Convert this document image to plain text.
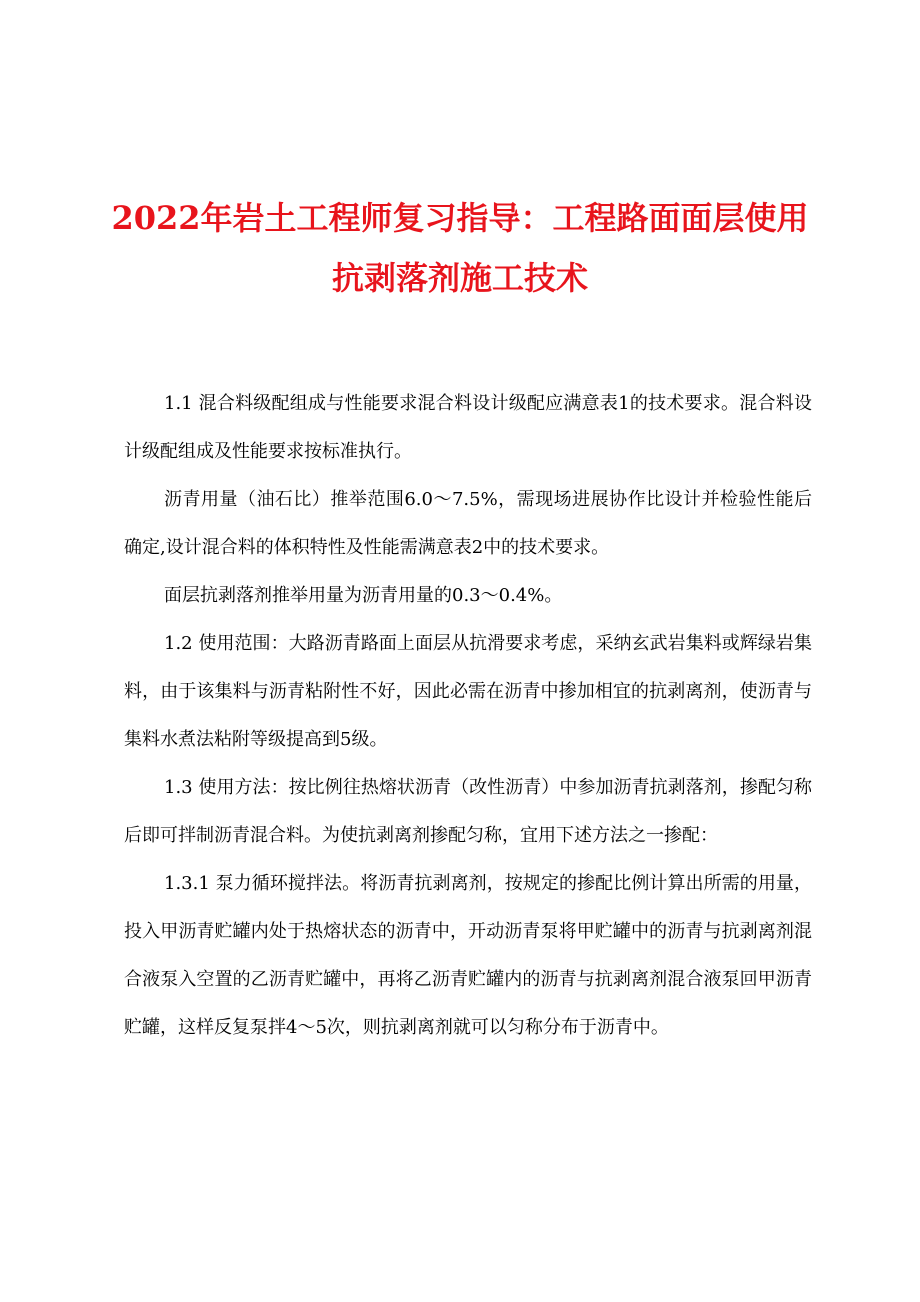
2022年岩土工程师复习指导：工程路面面层使用抗剥落剂施工技术

1.1 混合料级配组成与性能要求混合料设计级配应满意表1的技术要求。混合料设计级配组成及性能要求按标准执行。

沥青用量（油石比）推举范围6.0～7.5%，需现场进展协作比设计并检验性能后确定,设计混合料的体积特性及性能需满意表2中的技术要求。

面层抗剥落剂推举用量为沥青用量的0.3～0.4%。

1.2 使用范围：大路沥青路面上面层从抗滑要求考虑，采纳玄武岩集料或辉绿岩集料，由于该集料与沥青粘附性不好，因此必需在沥青中掺加相宜的抗剥离剂，使沥青与集料水煮法粘附等级提高到5级。

1.3 使用方法：按比例往热熔状沥青（改性沥青）中参加沥青抗剥落剂，掺配匀称后即可拌制沥青混合料。为使抗剥离剂掺配匀称，宜用下述方法之一掺配：

1.3.1 泵力循环搅拌法。将沥青抗剥离剂，按规定的掺配比例计算出所需的用量，投入甲沥青贮罐内处于热熔状态的沥青中，开动沥青泵将甲贮罐中的沥青与抗剥离剂混合液泵入空置的乙沥青贮罐中，再将乙沥青贮罐内的沥青与抗剥离剂混合液泵回甲沥青贮罐，这样反复泵拌4～5次，则抗剥离剂就可以匀称分布于沥青中。
